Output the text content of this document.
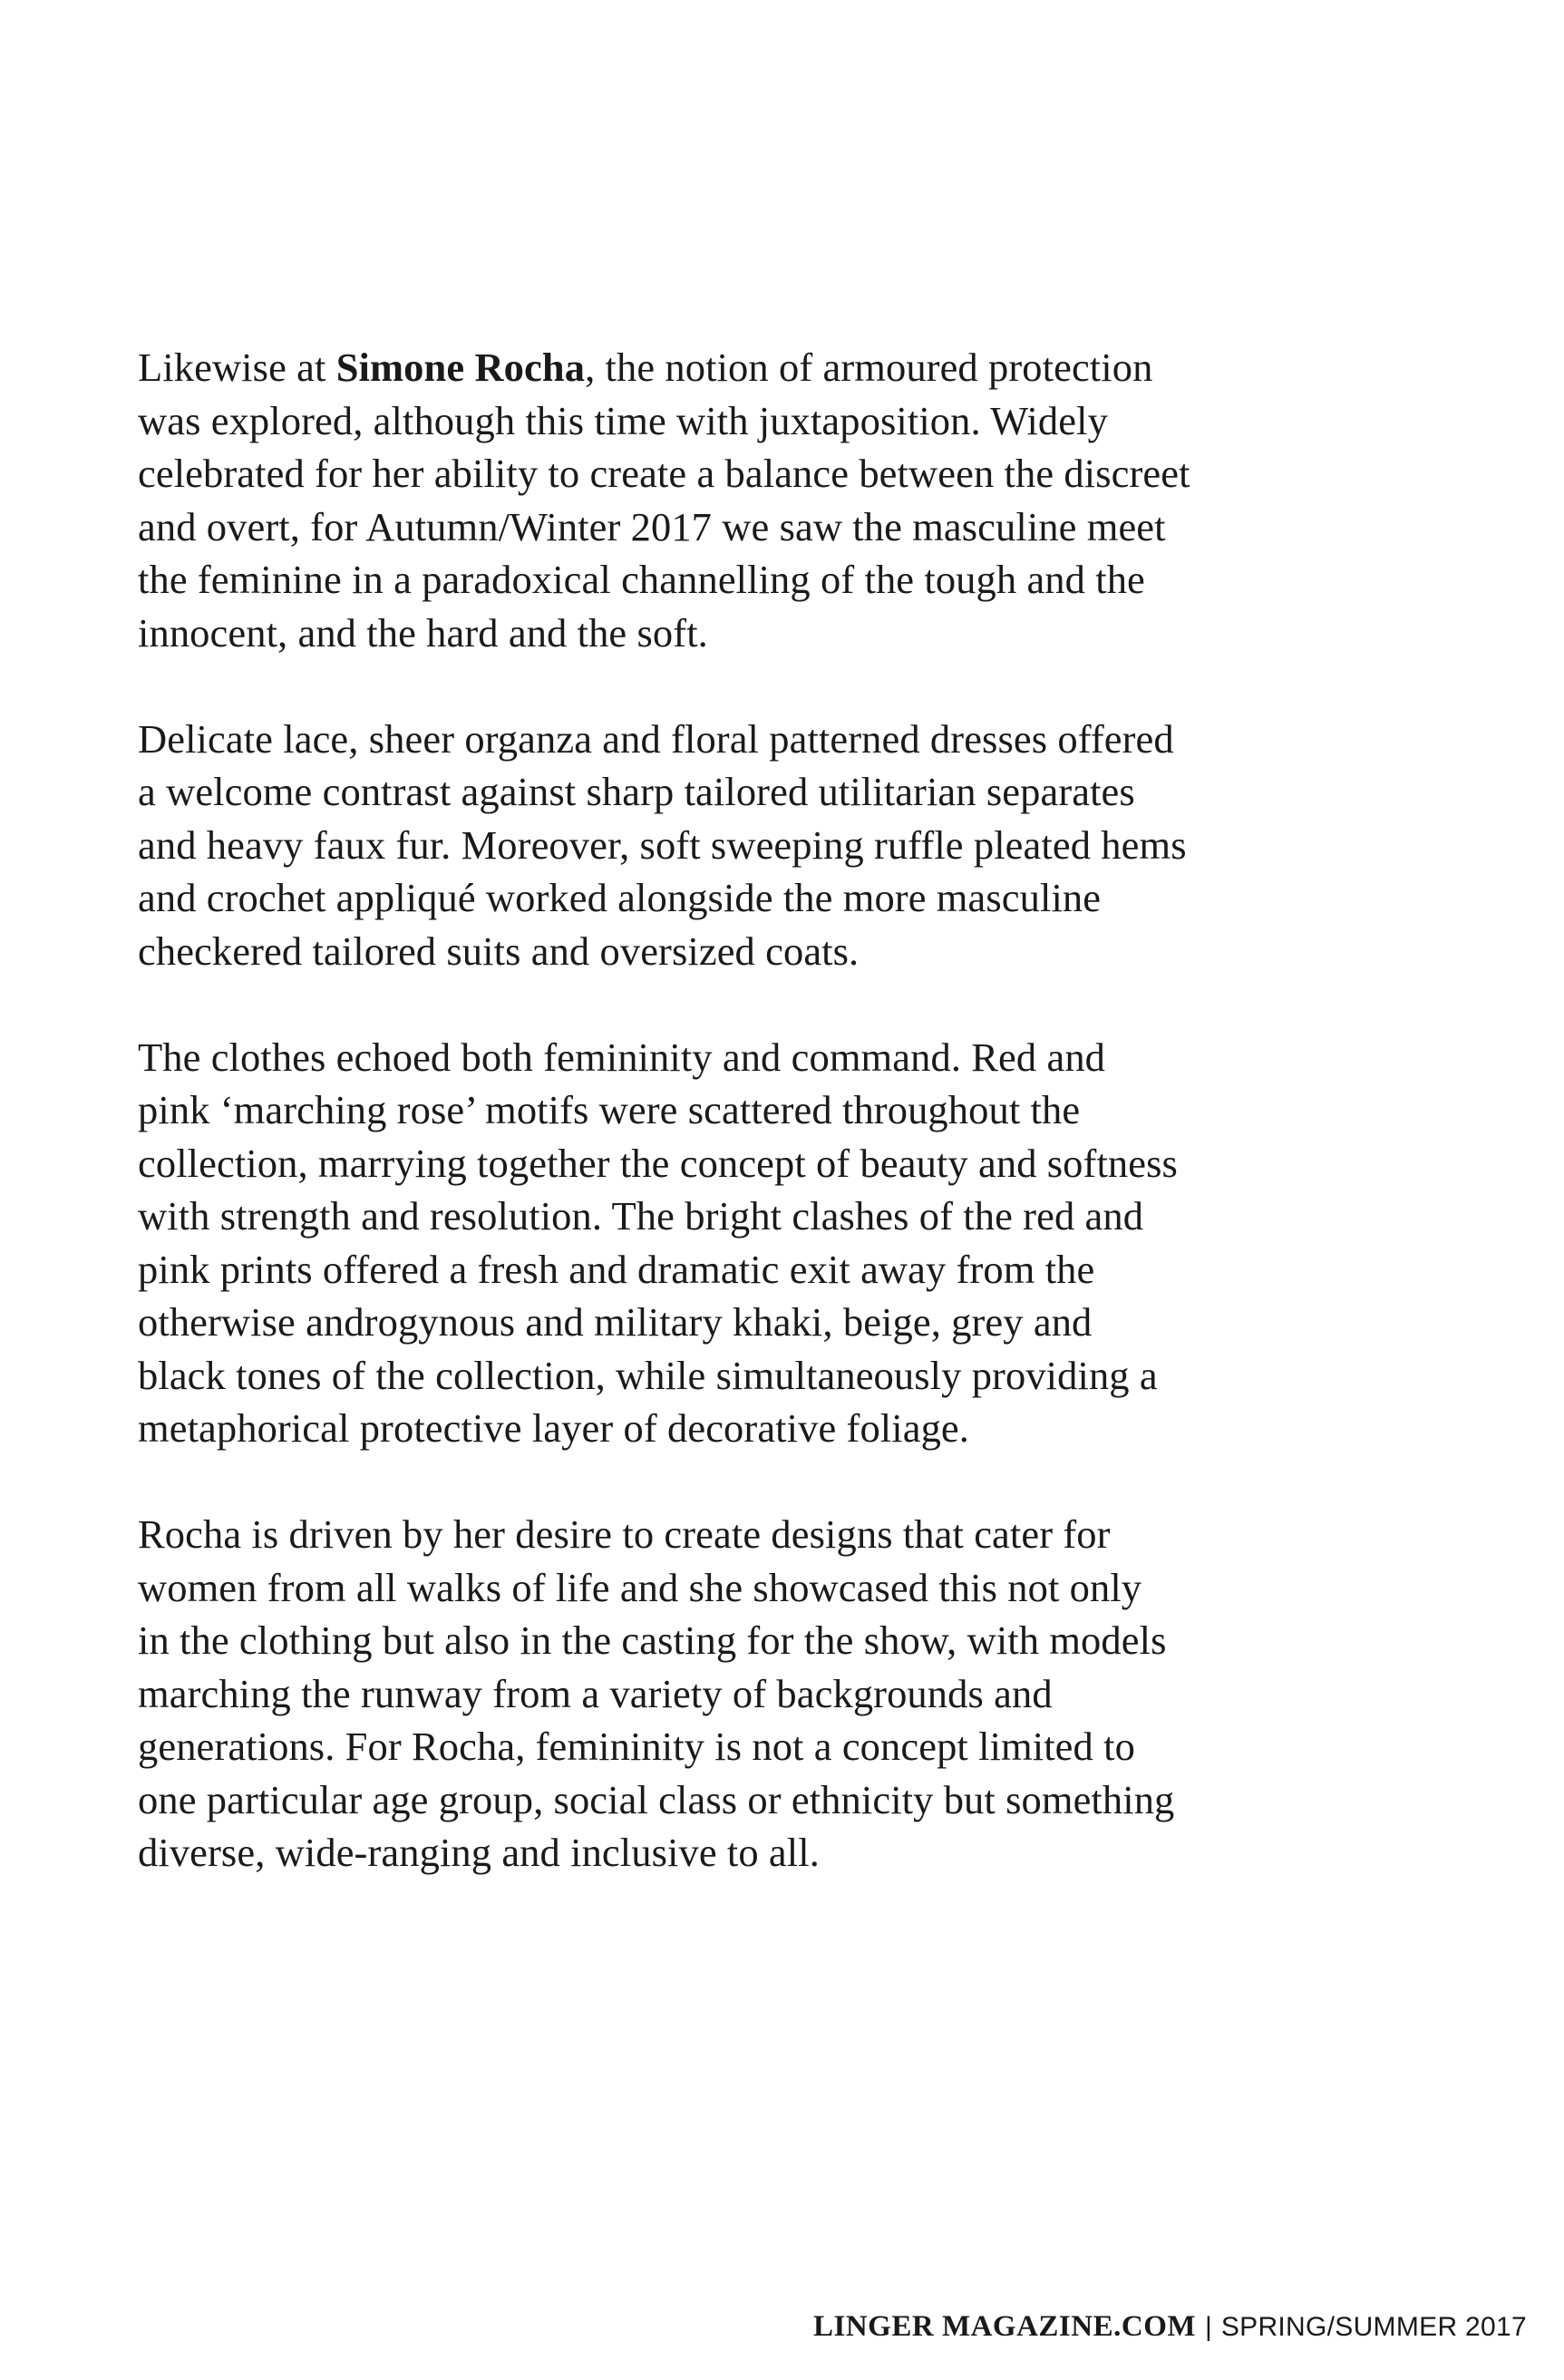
Likewise at Simone Rocha, the notion of armoured protection
was explored, although this time with juxtaposition. Widely
celebrated for her ability to create a balance between the discreet
and overt, for Autumn/Winter 2017 we saw the masculine meet
the feminine in a paradoxical channelling of the tough and the
innocent, and the hard and the soft.

Delicate lace, sheer organza and floral patterned dresses offered
a welcome contrast against sharp tailored utilitarian separates
and heavy faux fur. Moreover, soft sweeping ruffle pleated hems
and crochet appliqué worked alongside the more masculine
checkered tailored suits and oversized coats.

The clothes echoed both femininity and command. Red and
pink ‘marching rose’ motifs were scattered throughout the
collection, marrying together the concept of beauty and softness
with strength and resolution. The bright clashes of the red and
pink prints offered a fresh and dramatic exit away from the
otherwise androgynous and military khaki, beige, grey and
black tones of the collection, while simultaneously providing a
metaphorical protective layer of decorative foliage.

Rocha is driven by her desire to create designs that cater for
women from all walks of life and she showcased this not only
in the clothing but also in the casting for the show, with models
marching the runway from a variety of backgrounds and
generations. For Rocha, femininity is not a concept limited to
one particular age group, social class or ethnicity but something
diverse, wide-ranging and inclusive to all.

LINGER MAGAZINE.COM | SPRING/SUMMER 2017
